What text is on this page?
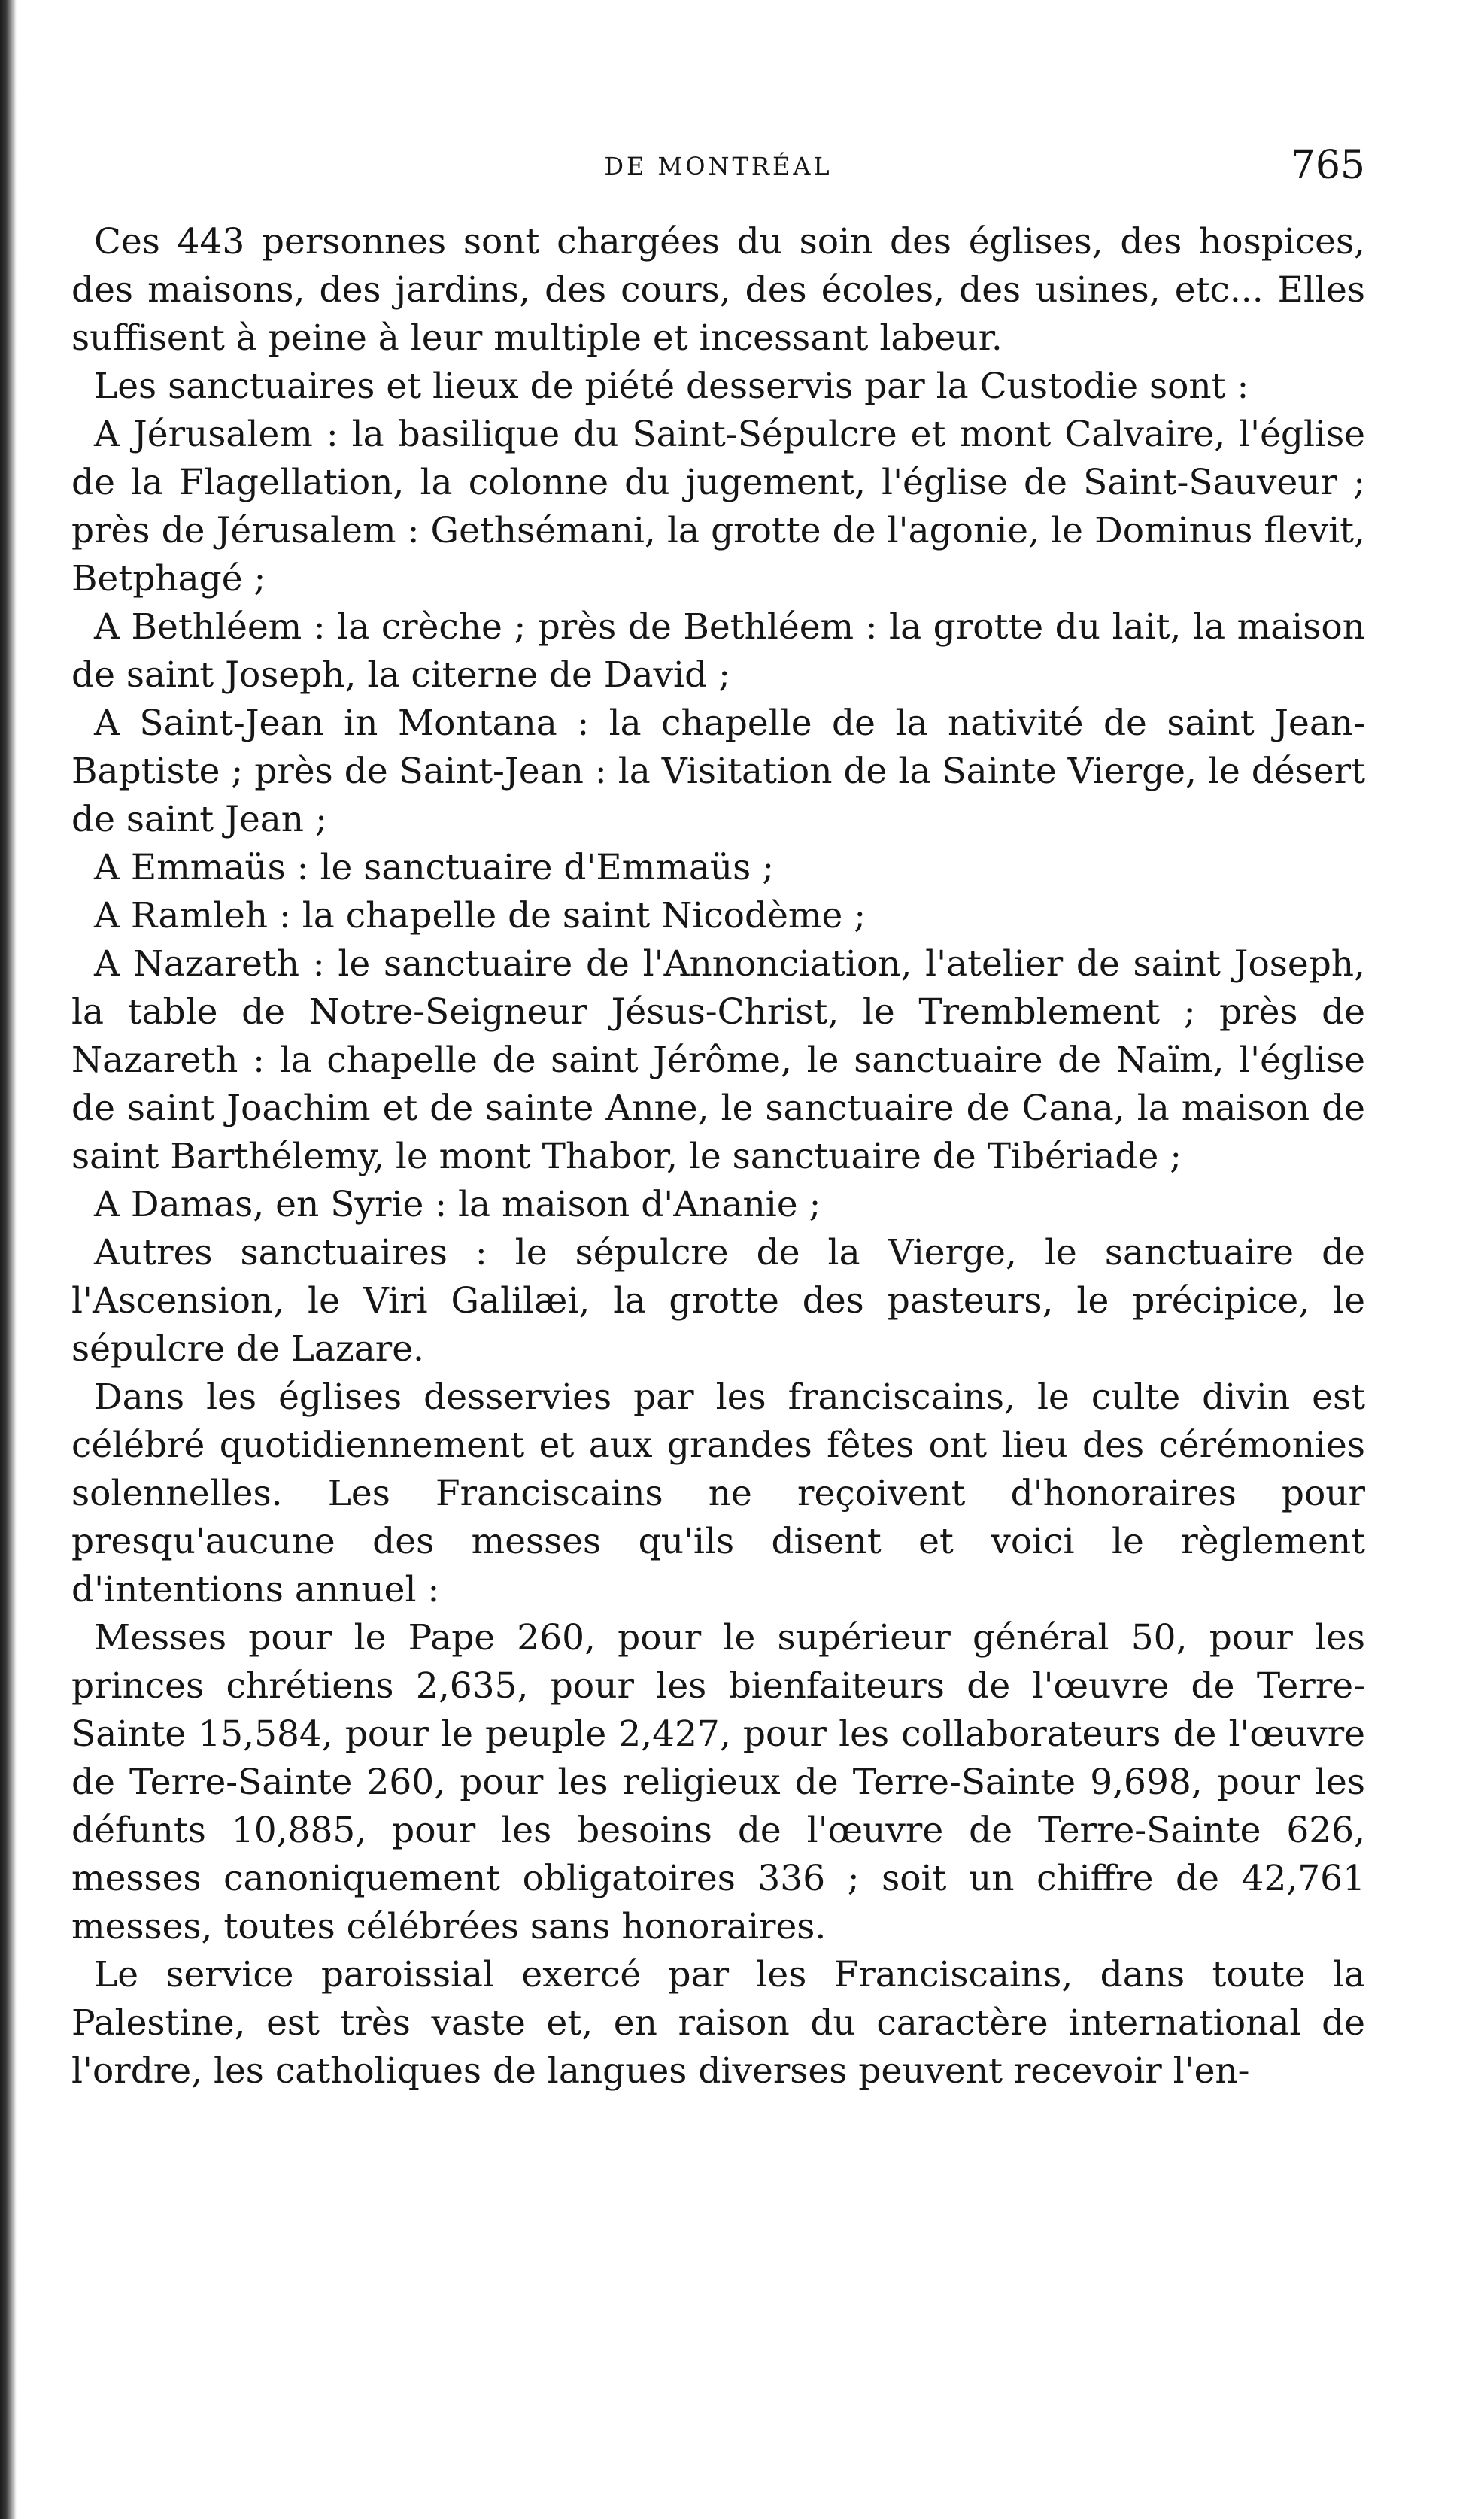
DE MONTRÉAL	765

Ces 443 personnes sont chargées du soin des églises, des hospices, des maisons, des jardins, des cours, des écoles, des usines, etc... Elles suffisent à peine à leur multiple et incessant labeur.

Les sanctuaires et lieux de piété desservis par la Custodie sont :

A Jérusalem : la basilique du Saint-Sépulcre et mont Calvaire, l'église de la Flagellation, la colonne du jugement, l'église de Saint-Sauveur ; près de Jérusalem : Gethsémani, la grotte de l'agonie, le Dominus flevit, Betphagé ;

A Bethléem : la crèche ; près de Bethléem : la grotte du lait, la maison de saint Joseph, la citerne de David ;

A Saint-Jean in Montana : la chapelle de la nativité de saint Jean-Baptiste ; près de Saint-Jean : la Visitation de la Sainte Vierge, le désert de saint Jean ;

A Emmaüs : le sanctuaire d'Emmaüs ;

A Ramleh : la chapelle de saint Nicodème ;

A Nazareth : le sanctuaire de l'Annonciation, l'atelier de saint Joseph, la table de Notre-Seigneur Jésus-Christ, le Tremblement ; près de Nazareth : la chapelle de saint Jérôme, le sanctuaire de Naïm, l'église de saint Joachim et de sainte Anne, le sanctuaire de Cana, la maison de saint Barthélemy, le mont Thabor, le sanctuaire de Tibériade ;

A Damas, en Syrie : la maison d'Ananie ;

Autres sanctuaires : le sépulcre de la Vierge, le sanctuaire de l'Ascension, le Viri Galilæi, la grotte des pasteurs, le précipice, le sépulcre de Lazare.

Dans les églises desservies par les franciscains, le culte divin est célébré quotidiennement et aux grandes fêtes ont lieu des cérémonies solennelles. Les Franciscains ne reçoivent d'honoraires pour presqu'aucune des messes qu'ils disent et voici le règlement d'intentions annuel :

Messes pour le Pape 260, pour le supérieur général 50, pour les princes chrétiens 2,635, pour les bienfaiteurs de l'œuvre de Terre-Sainte 15,584, pour le peuple 2,427, pour les collaborateurs de l'œuvre de Terre-Sainte 260, pour les religieux de Terre-Sainte 9,698, pour les défunts 10,885, pour les besoins de l'œuvre de Terre-Sainte 626, messes canoniquement obligatoires 336 ; soit un chiffre de 42,761 messes, toutes célébrées sans honoraires.

Le service paroissial exercé par les Franciscains, dans toute la Palestine, est très vaste et, en raison du caractère international de l'ordre, les catholiques de langues diverses peuvent recevoir l'en-
